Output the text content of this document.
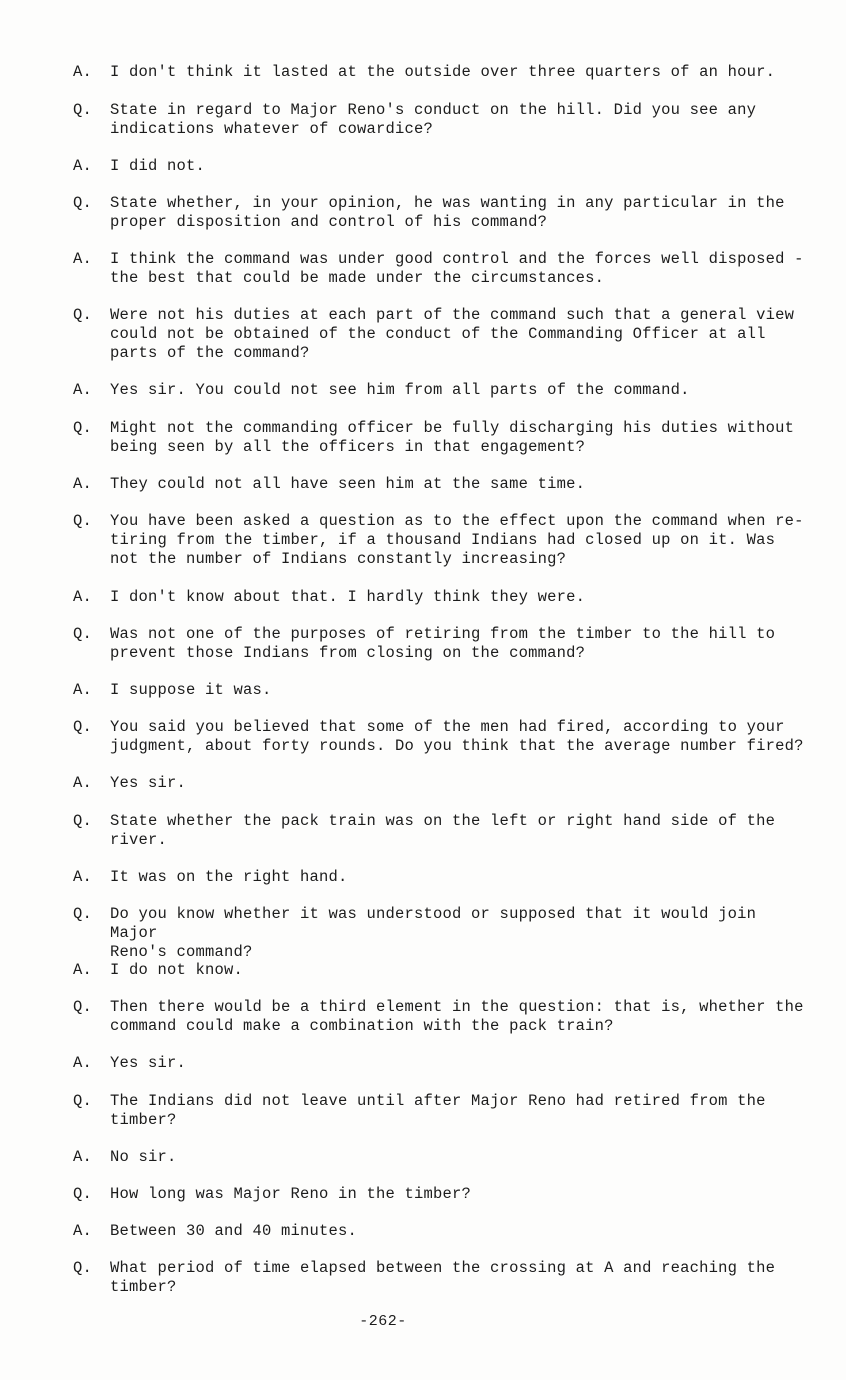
A. I don't think it lasted at the outside over three quarters of an hour.
Q. State in regard to Major Reno's conduct on the hill. Did you see any
indications whatever of cowardice?
A. I did not.
Q. State whether, in your opinion, he was wanting in any particular in the
proper disposition and control of his command?
A. I think the command was under good control and the forces well disposed -
the best that could be made under the circumstances.
Q. Were not his duties at each part of the command such that a general view
could not be obtained of the conduct of the Commanding Officer at all
parts of the command?
A. Yes sir. You could not see him from all parts of the command.
Q. Might not the commanding officer be fully discharging his duties without
being seen by all the officers in that engagement?
A. They could not all have seen him at the same time.
Q. You have been asked a question as to the effect upon the command when re-
tiring from the timber, if a thousand Indians had closed up on it. Was
not the number of Indians constantly increasing?
A. I don't know about that. I hardly think they were.
Q. Was not one of the purposes of retiring from the timber to the hill to
prevent those Indians from closing on the command?
A. I suppose it was.
Q. You said you believed that some of the men had fired, according to your
judgment, about forty rounds. Do you think that the average number fired?
A. Yes sir.
Q. State whether the pack train was on the left or right hand side of the
river.
A. It was on the right hand.
Q. Do you know whether it was understood or supposed that it would join Major
Reno's command?
A. I do not know.
Q. Then there would be a third element in the question: that is, whether the
command could make a combination with the pack train?
A. Yes sir.
Q. The Indians did not leave until after Major Reno had retired from the
timber?
A. No sir.
Q. How long was Major Reno in the timber?
A. Between 30 and 40 minutes.
Q. What period of time elapsed between the crossing at A and reaching the
timber?
-262-
